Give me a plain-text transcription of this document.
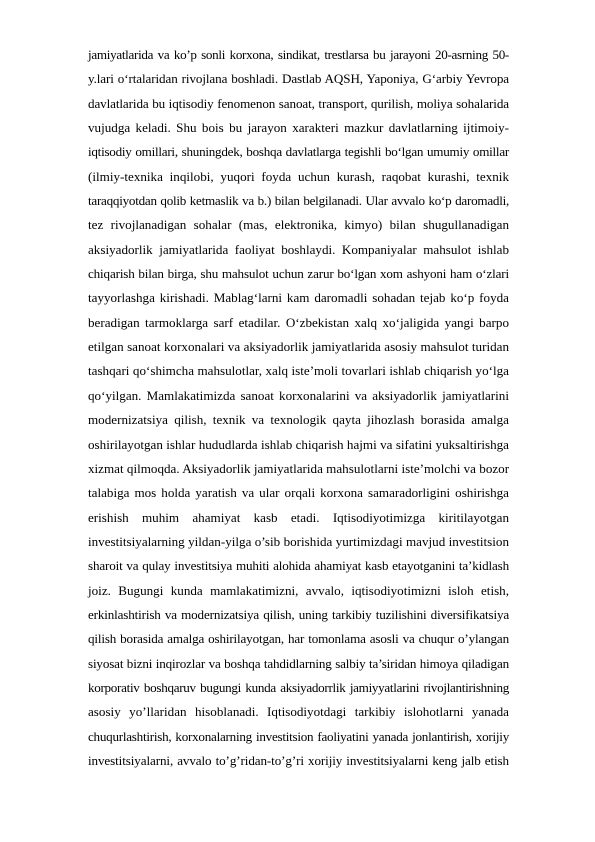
jamiyatlarida va ko’p sonli korxona, sindikat, trestlarsa bu jarayoni 20-asrning 50-
y.lari o‘rtalaridan rivojlana boshladi. Dastlab AQSH, Yaponiya, G‘arbiy Yevropa
davlatlarida bu iqtisodiy fenomenon sanoat, transport, qurilish, moliya sohalarida
vujudga keladi. Shu bois bu jarayon xarakteri mazkur davlatlarning ijtimoiy-
iqtisodiy omillari, shuningdek, boshqa davlatlarga tegishli bo‘lgan umumiy omillar
(ilmiy-texnika inqilobi, yuqori foyda uchun kurash, raqobat kurashi, texnik
taraqqiyotdan qolib ketmaslik va b.) bilan belgilanadi. Ular avvalo ko‘p daromadli,
tez rivojlanadigan sohalar (mas, elektronika, kimyo) bilan shugullanadigan
aksiyadorlik jamiyatlarida faoliyat boshlaydi. Kompaniyalar mahsulot ishlab
chiqarish bilan birga, shu mahsulot uchun zarur bo‘lgan xom ashyoni ham o‘zlari
tayyorlashga kirishadi. Mablag‘larni kam daromadli sohadan tejab ko‘p foyda
beradigan tarmoklarga sarf etadilar. O‘zbekistan xalq xo‘jaligida yangi barpo
etilgan sanoat korxonalari va aksiyadorlik jamiyatlarida asosiy mahsulot turidan
tashqari qo‘shimcha mahsulotlar, xalq iste’moli tovarlari ishlab chiqarish yo‘lga
qo‘yilgan. Mamlakatimizda sanoat korxonalarini va aksiyadorlik jamiyatlarini
modernizatsiya qilish, texnik va texnologik qayta jihozlash borasida amalga
oshirilayotgan ishlar hududlarda ishlab chiqarish hajmi va sifatini yuksaltirishga
xizmat qilmoqda. Aksiyadorlik jamiyatlarida mahsulotlarni iste’molchi va bozor
talabiga mos holda yaratish va ular orqali korxona samaradorligini oshirishga
erishish muhim ahamiyat kasb etadi. Iqtisodiyotimizga kiritilayotgan
investitsiyalarning yildan-yilga o’sib borishida yurtimizdagi mavjud investitsion
sharoit va qulay investitsiya muhiti alohida ahamiyat kasb etayotganini ta’kidlash
joiz. Bugungi kunda mamlakatimizni, avvalo, iqtisodiyotimizni isloh etish,
erkinlashtirish va modernizatsiya qilish, uning tarkibiy tuzilishini diversifikatsiya
qilish borasida amalga oshirilayotgan, har tomonlama asosli va chuqur o’ylangan
siyosat bizni inqirozlar va boshqa tahdidlarning salbiy ta’siridan himoya qiladigan
korporativ boshqaruv bugungi kunda aksiyadorrlik jamiyyatlarini rivojlantirishning
asosiy yo’llaridan hisoblanadi. Iqtisodiyotdagi tarkibiy islohotlarni yanada
chuqurlashtirish, korxonalarning investitsion faoliyatini yanada jonlantirish, xorijiy
investitsiyalarni, avvalo to’g’ridan-to’g’ri xorijiy investitsiyalarni keng jalb etish
